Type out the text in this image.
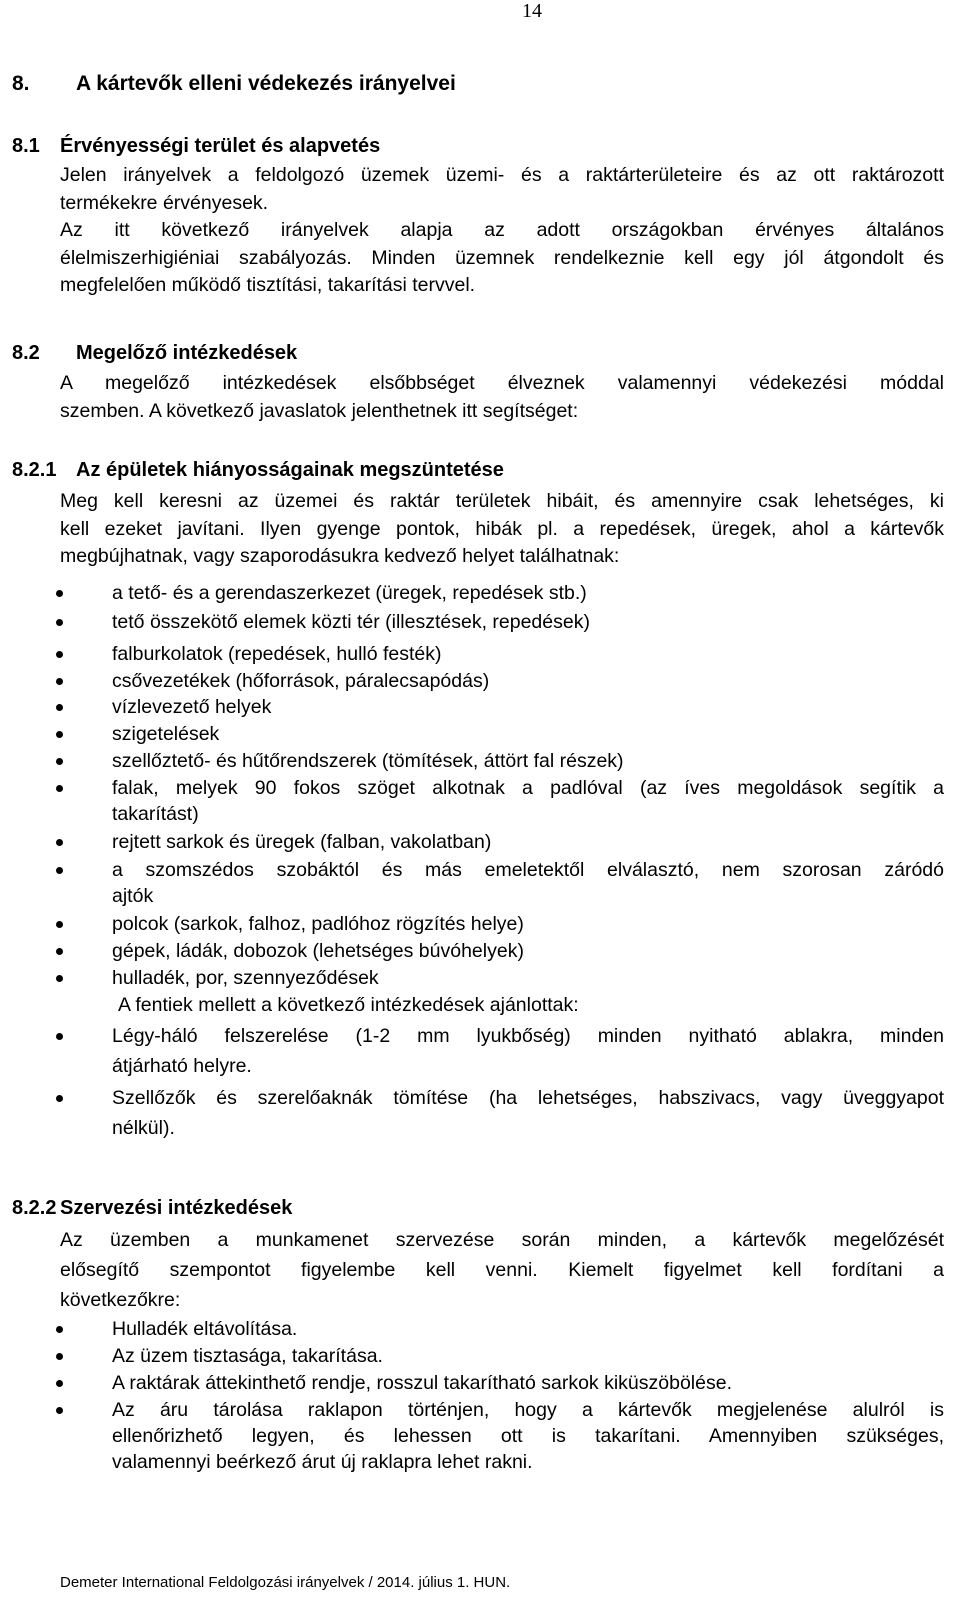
14
8. A kártevők elleni védekezés irányelvei
8.1 Érvényességi terület és alapvetés
Jelen irányelvek a feldolgozó üzemek üzemi- és a raktárterületeire és az ott raktározott
termékekre érvényesek.
Az itt következő irányelvek alapja az adott országokban érvényes általános
élelmiszerhigiéniai szabályozás. Minden üzemnek rendelkeznie kell egy jól átgondolt és
megfelelően működő tisztítási, takarítási tervvel.
8.2 Megelőző intézkedések
A megelőző intézkedések elsőbbséget élveznek valamennyi védekezési móddal
szemben. A következő javaslatok jelenthetnek itt segítséget:
8.2.1 Az épületek hiányosságainak megszüntetése
Meg kell keresni az üzemei és raktár területek hibáit, és amennyire csak lehetséges, ki
kell ezeket javítani. Ilyen gyenge pontok, hibák pl. a repedések, üregek, ahol a kártevők
megbújhatnak, vagy szaporodásukra kedvező helyet találhatnak:
a tető- és a gerendaszerkezet (üregek, repedések stb.)
tető összekötő elemek közti tér (illesztések, repedések)
falburkolatok (repedések, hulló festék)
csővezetékek (hőforrások, páralecsapódás)
vízlevezető helyek
szigetelések
szellőztető- és hűtőrendszerek (tömítések, áttört fal részek)
falak, melyek 90 fokos szöget alkotnak a padlóval (az íves megoldások segítik a
takarítást)
rejtett sarkok és üregek (falban, vakolatban)
a szomszédos szobáktól és más emeletektől elválasztó, nem szorosan záródó
ajtók
polcok (sarkok, falhoz, padlóhoz rögzítés helye)
gépek, ládák, dobozok (lehetséges búvóhelyek)
hulladék, por, szennyeződések
A fentiek mellett a következő intézkedések ajánlottak:
Légy-háló felszerelése (1-2 mm lyukbőség) minden nyitható ablakra, minden
átjárható helyre.
Szellőzők és szerelőaknák tömítése (ha lehetséges, habszivacs, vagy üveggyapot
nélkül).
8.2.2 Szervezési intézkedések
Az üzemben a munkamenet szervezése során minden, a kártevők megelőzését
elősegítő szempontot figyelembe kell venni. Kiemelt figyelmet kell fordítani a
következőkre:
Hulladék eltávolítása.
Az üzem tisztasága, takarítása.
A raktárak áttekinthető rendje, rosszul takarítható sarkok kiküszöbölése.
Az áru tárolása raklapon történjen, hogy a kártevők megjelenése alulról is
ellenőrizhető legyen, és lehessen ott is takarítani. Amennyiben szükséges,
valamennyi beérkező árut új raklapra lehet rakni.
Demeter International Feldolgozási irányelvek / 2014. július 1. HUN.
